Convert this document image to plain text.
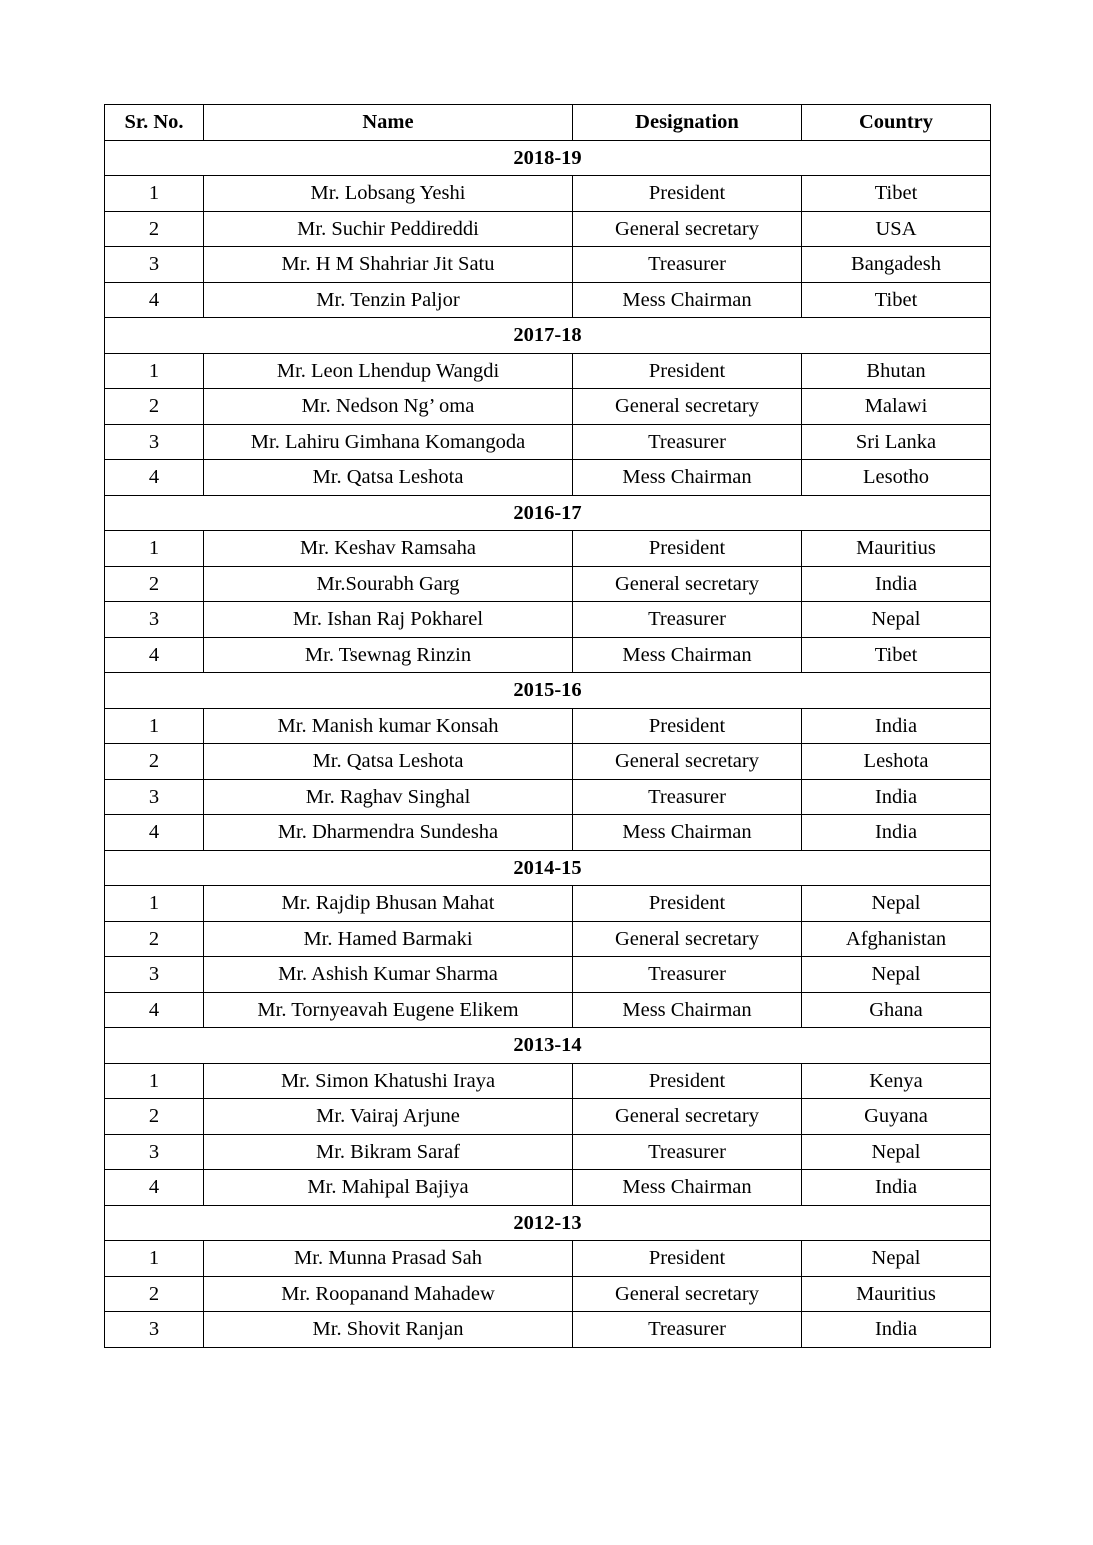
Sr. No.	Name	Designation	Country
2018-19			
1	Mr. Lobsang Yeshi	President	Tibet
2	Mr. Suchir Peddireddi	General secretary	USA
3	Mr. H M Shahriar Jit Satu	Treasurer	Bangadesh
4	Mr. Tenzin Paljor	Mess Chairman	Tibet
2017-18			
1	Mr. Leon Lhendup Wangdi	President	Bhutan
2	Mr. Nedson Ng’ oma	General secretary	Malawi
3	Mr. Lahiru Gimhana Komangoda	Treasurer	Sri Lanka
4	Mr. Qatsa Leshota	Mess Chairman	Lesotho
2016-17			
1	Mr. Keshav Ramsaha	President	Mauritius
2	Mr.Sourabh Garg	General secretary	India
3	Mr. Ishan Raj Pokharel	Treasurer	Nepal
4	Mr. Tsewnag Rinzin	Mess Chairman	Tibet
2015-16			
1	Mr. Manish kumar Konsah	President	India
2	Mr. Qatsa Leshota	General secretary	Leshota
3	Mr. Raghav Singhal	Treasurer	India
4	Mr. Dharmendra Sundesha	Mess Chairman	India
2014-15			
1	Mr. Rajdip Bhusan Mahat	President	Nepal
2	Mr. Hamed Barmaki	General secretary	Afghanistan
3	Mr. Ashish Kumar Sharma	Treasurer	Nepal
4	Mr. Tornyeavah Eugene Elikem	Mess Chairman	Ghana
2013-14			
1	Mr. Simon Khatushi Iraya	President	Kenya
2	Mr. Vairaj Arjune	General secretary	Guyana
3	Mr. Bikram Saraf	Treasurer	Nepal
4	Mr. Mahipal Bajiya	Mess Chairman	India
2012-13			
1	Mr. Munna Prasad Sah	President	Nepal
2	Mr. Roopanand Mahadew	General secretary	Mauritius
3	Mr. Shovit Ranjan	Treasurer	India
